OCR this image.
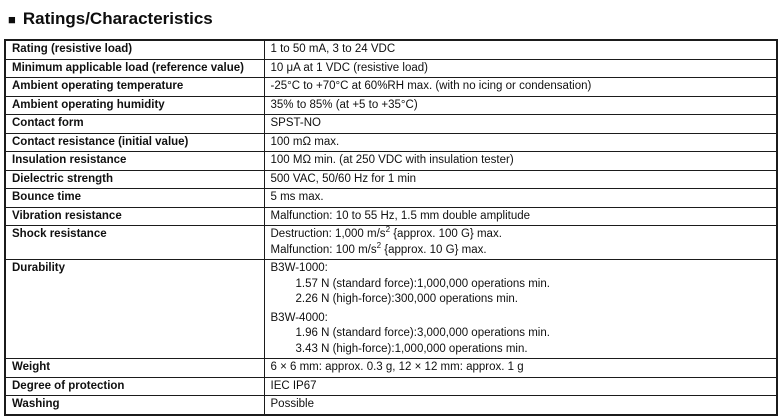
■ Ratings/Characteristics
Rating (resistive load)	1 to 50 mA, 3 to 24 VDC

Minimum applicable load (reference value)	10 μA at 1 VDC (resistive load)

Ambient operating temperature	-25°C to +70°C at 60%RH max. (with no icing or condensation)

Ambient operating humidity	35% to 85% (at +5 to +35°C)

Contact form	SPST-NO

Contact resistance (initial value)	100 mΩ max.

Insulation resistance	100 MΩ min. (at 250 VDC with insulation tester)

Dielectric strength	500 VAC, 50/60 Hz for 1 min

Bounce time	5 ms max.

Vibration resistance	Malfunction: 10 to 55 Hz, 1.5 mm double amplitude

Shock resistance	Destruction: 1,000 $m/s^2$ {approx. 100 G} max.
Malfunction: 100 $m/s^2$ {approx. 10 G} max.

Durability	B3W-1000:
1.57 N (standard force):1,000,000 operations min.
2.26 N (high-force):300,000 operations min.
B3W-4000:
1.96 N (standard force):3,000,000 operations min.
3.43 N (high-force):1,000,000 operations min.

Weight	6 × 6 mm: approx. 0.3 g, 12 × 12 mm: approx. 1 g

Degree of protection	IEC IP67

Washing	Possible
